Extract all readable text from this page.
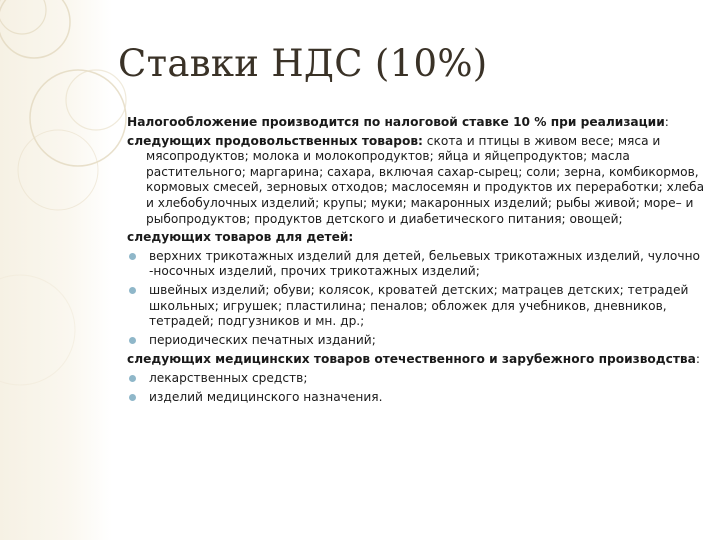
Ставки НДС (10%)

Налогообложение производится по налоговой ставке 10 % при реализации:

следующих продовольственных товаров: скота и птицы в живом весе; мяса и мясопродуктов; молока и молокопродуктов; яйца и яйцепродуктов; масла растительного; маргарина; сахара, включая сахар-сырец; соли; зерна, комбикормов, кормовых смесей, зерновых отходов; маслосемян и продуктов их переработки; хлеба и хлебобулочных изделий; крупы; муки; макаронных изделий; рыбы живой; море– и рыбопродуктов; продуктов детского и диабетического питания; овощей;

следующих товаров для детей:

верхних трикотажных изделий для детей, бельевых трикотажных изделий, чулочно -носочных изделий, прочих трикотажных изделий;
швейных изделий; обуви; колясок, кроватей детских; матрацев детских; тетрадей школьных; игрушек; пластилина; пеналов; обложек для учебников, дневников, тетрадей; подгузников и мн. др.;
периодических печатных изданий;

следующих медицинских товаров отечественного и зарубежного производства:

лекарственных средств;
изделий медицинского назначения.
